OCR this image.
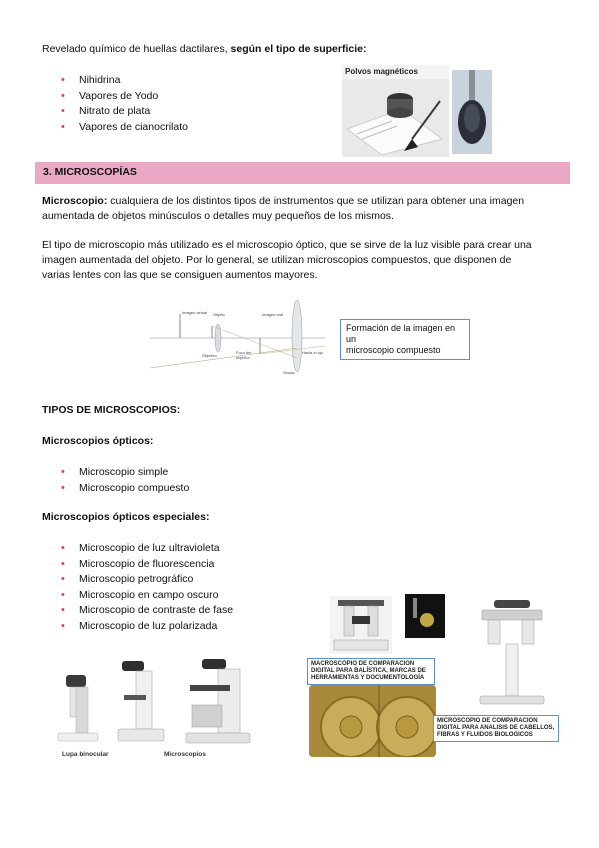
Revelado químico de huellas dactilares, según el tipo de superficie:
• Nihidrina
• Vapores de Yodo
• Nitrato de plata
• Vapores de cianocrilato
Polvos magnéticos
3. MICROSCOPÍAS
Microscopio: cualquiera de los distintos tipos de instrumentos que se utilizan para obtener una imagen
aumentada de objetos minúsculos o detalles muy pequeños de los mismos.
El tipo de microscopio más utilizado es el microscopio óptico, que se sirve de la luz visible para crear una
imagen aumentada del objeto. Por lo general, se utilizan microscopios compuestos, que disponen de
varias lentes con las que se consiguen aumentos mayores.
Imagen virtual Objeto	Imagen real
Objetivo
Foco del objetivo
Ocular
Hacia el ojo
Formación de la imagen en un
microscopio compuesto
TIPOS DE MICROSCOPIOS:
Microscopios ópticos:
• Microscopio simple
• Microscopio compuesto
Microscopios ópticos especiales:
• Microscopio de luz ultravioleta
• Microscopio de fluorescencia
• Microscopio petrográfico
• Microscopio en campo oscuro
• Microscopio de contraste de fase
• Microscopio de luz polarizada
Lupa binocular	Microscopios
MACROSCOPIO DE COMPARACION DIGITAL PARA BALÍSTICA, MARCAS DE HERRAMIENTAS Y DOCUMENTOLOGÍA
MICROSCOPIO DE COMPARACION DIGITAL PARA ANALISIS DE CABELLOS, FIBRAS Y FLUIDOS BIOLOGICOS
